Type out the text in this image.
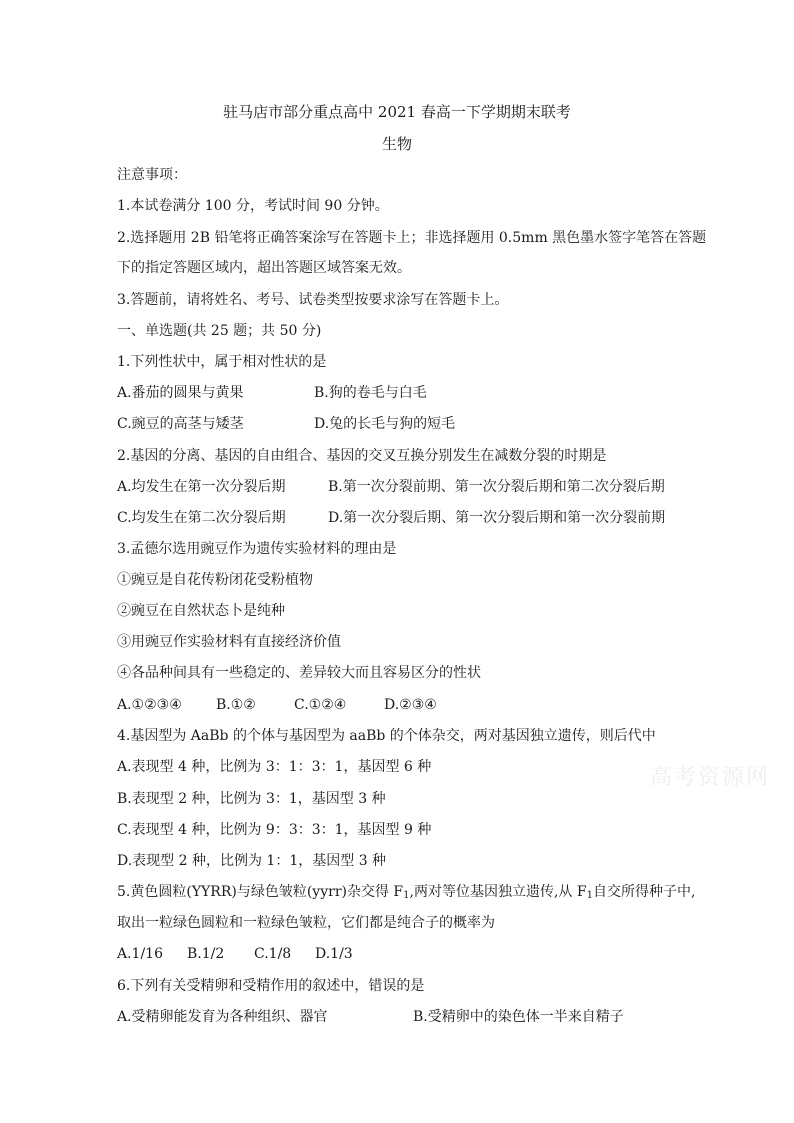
驻马店市部分重点高中 2021 春高一下学期期末联考
生物
注意事项：
1.本试卷满分 100 分，考试时间 90 分钟。
2.选择题用 2B 铅笔将正确答案涂写在答题卡上；非选择题用 0.5mm 黑色墨水签字笔答在答题
下的指定答题区域内，超出答题区域答案无效。
3.答题前，请将姓名、考号、试卷类型按要求涂写在答题卡上。
一、单选题(共 25 题；共 50 分)
1.下列性状中，属于相对性状的是
A.番茄的圆果与黄果	B.狗的卷毛与白毛
C.豌豆的高茎与矮茎	D.兔的长毛与狗的短毛
2.基因的分离、基因的自由组合、基因的交叉互换分别发生在减数分裂的时期是
A.均发生在第一次分裂后期	B.第一次分裂前期、第一次分裂后期和第二次分裂后期
C.均发生在第二次分裂后期	D.第一次分裂后期、第一次分裂后期和第一次分裂前期
3.孟德尔选用豌豆作为遗传实验材料的理由是
①豌豆是自花传粉闭花受粉植物
②豌豆在自然状态卜是纯种
③用豌豆作实验材料有直接经济价值
④各品种间具有一些稳定的、差异较大而且容易区分的性状
A.①②③④ B.①②	C.①②④	D.②③④
4.基因型为 AaBb 的个体与基因型为 aaBb 的个体杂交，两对基因独立遗传，则后代中
A.表现型 4 种，比例为 3：1：3：1，基因型 6 种
B.表现型 2 种，比例为 3：1，基因型 3 种
C.表现型 4 种，比例为 9：3：3：1，基因型 9 种
D.表现型 2 种，比例为 1：1，基因型 3 种
5.黄色圆粒(YYRR)与绿色皱粒(yyrr)杂交得 $F_1$,两对等位基因独立遗传,从 $F_1$自交所得种子中,
取出一粒绿色圆粒和一粒绿色皱粒，它们都是纯合子的概率为
A.1/16 B.1/2 C.1/8 D.1/3
6.下列有关受精卵和受精作用的叙述中，错误的是
A.受精卵能发育为各种组织、器官	B.受精卵中的染色体一半来自精子
高考资源网
